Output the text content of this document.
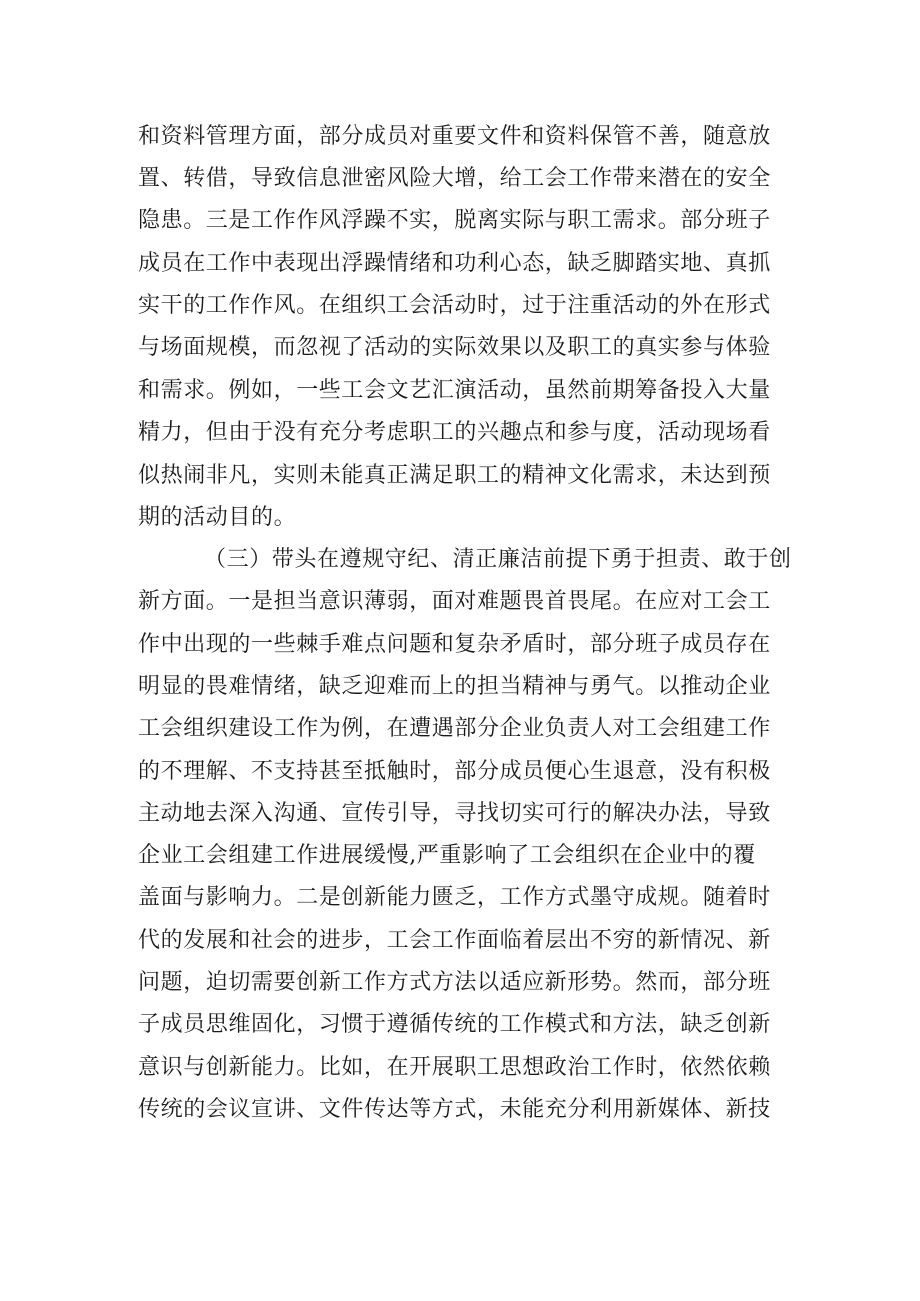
和资料管理方面，部分成员对重要文件和资料保管不善，随意放
置、转借，导致信息泄密风险大增，给工会工作带来潜在的安全
隐患。三是工作作风浮躁不实，脱离实际与职工需求。部分班子
成员在工作中表现出浮躁情绪和功利心态，缺乏脚踏实地、真抓
实干的工作作风。在组织工会活动时，过于注重活动的外在形式
与场面规模，而忽视了活动的实际效果以及职工的真实参与体验
和需求。例如，一些工会文艺汇演活动，虽然前期筹备投入大量
精力，但由于没有充分考虑职工的兴趣点和参与度，活动现场看
似热闹非凡，实则未能真正满足职工的精神文化需求，未达到预
期的活动目的。
（三）带头在遵规守纪、清正廉洁前提下勇于担责、敢于创
新方面。一是担当意识薄弱，面对难题畏首畏尾。在应对工会工
作中出现的一些棘手难点问题和复杂矛盾时，部分班子成员存在
明显的畏难情绪，缺乏迎难而上的担当精神与勇气。以推动企业
工会组织建设工作为例，在遭遇部分企业负责人对工会组建工作
的不理解、不支持甚至抵触时，部分成员便心生退意，没有积极
主动地去深入沟通、宣传引导，寻找切实可行的解决办法，导致
企业工会组建工作进展缓慢,严重影响了工会组织在企业中的覆
盖面与影响力。二是创新能力匮乏，工作方式墨守成规。随着时
代的发展和社会的进步，工会工作面临着层出不穷的新情况、新
问题，迫切需要创新工作方式方法以适应新形势。然而，部分班
子成员思维固化，习惯于遵循传统的工作模式和方法，缺乏创新
意识与创新能力。比如，在开展职工思想政治工作时，依然依赖
传统的会议宣讲、文件传达等方式，未能充分利用新媒体、新技
